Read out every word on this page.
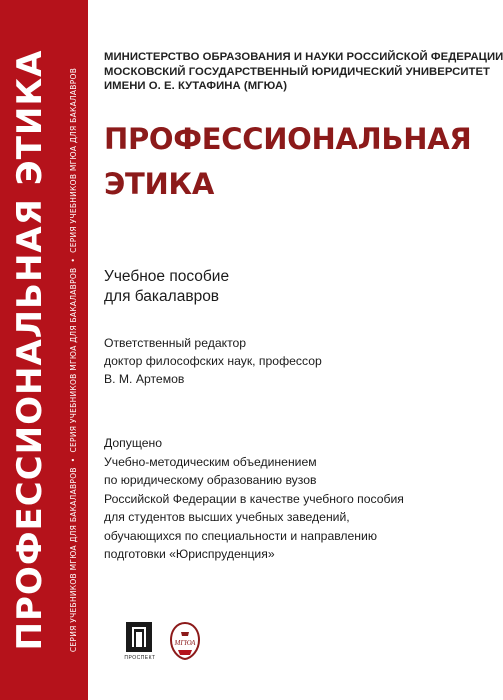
ПРОФЕССИОНАЛЬНАЯ ЭТИКА СЕРИЯ УЧЕБНИКОВ МГЮА ДЛЯ БАКАЛАВРОВ•СЕРИЯ УЧЕБНИКОВ МГЮА ДЛЯ БАКАЛАВРОВ•СЕРИЯ УЧЕБНИКОВ МГЮА ДЛЯ БАКАЛАВРОВ
МИНИСТЕРСТВО ОБРАЗОВАНИЯ И НАУКИ РОССИЙСКОЙ ФЕДЕРАЦИИ
МОСКОВСКИЙ ГОСУДАРСТВЕННЫЙ ЮРИДИЧЕСКИЙ УНИВЕРСИТЕТ
ИМЕНИ О. Е. КУТАФИНА (МГЮА)
ПРОФЕССИОНАЛЬНАЯ
ЭТИКА
Учебное пособие
для бакалавров
Ответственный редактор
доктор философских наук, профессор
В. М. Артемов
Допущено
Учебно-методическим объединением
по юридическому образованию вузов
Российской Федерации в качестве учебного пособия
для студентов высших учебных заведений,
обучающихся по специальности и направлению
подготовки «Юриспруденция»
ПРОСПЕКТ
МГЮА
